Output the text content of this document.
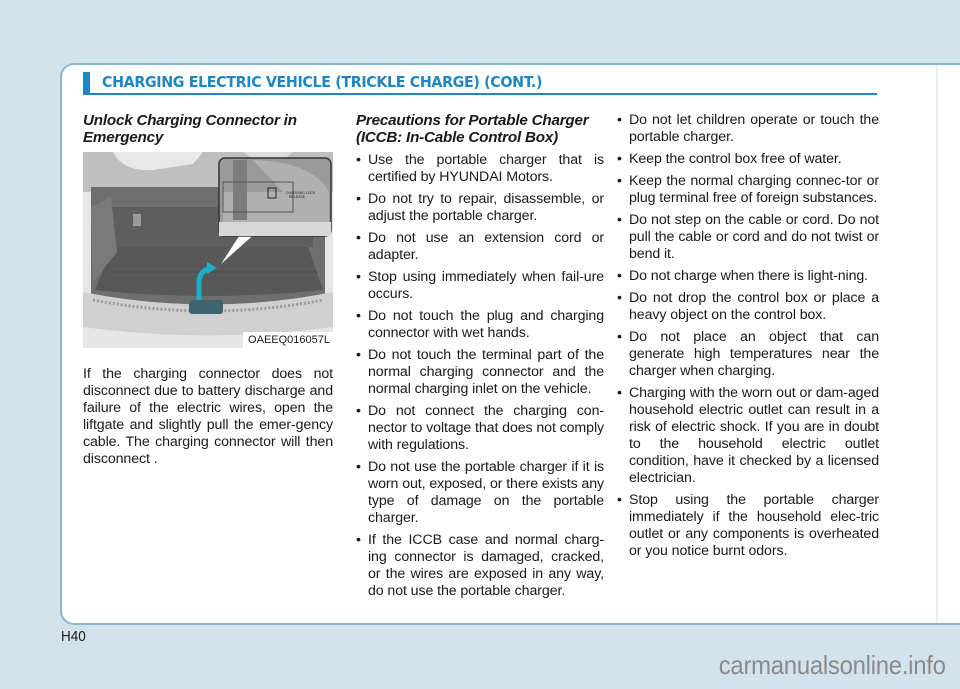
CHARGING ELECTRIC VEHICLE (TRICKLE CHARGE) (CONT.)
Unlock Charging Connector in Emergency
CHARGING LOCK
RELEASE
OAEEQ016057L
If the charging connector does not disconnect due to battery discharge and failure of the electric wires, open the liftgate and slightly pull the emer-gency cable. The charging connector will then disconnect .
Precautions for Portable Charger (ICCB: In-Cable Control Box)
• Use the portable charger that is certified by HYUNDAI Motors.
• Do not try to repair, disassemble, or adjust the portable charger.
• Do not use an extension cord or adapter.
• Stop using immediately when fail-ure occurs.
• Do not touch the plug and charging connector with wet hands.
• Do not touch the terminal part of the normal charging connector and the normal charging inlet on the vehicle.
• Do not connect the charging con-nector to voltage that does not comply with regulations.
• Do not use the portable charger if it is worn out, exposed, or there exists any type of damage on the portable charger.
• If the ICCB case and normal charg-ing connector is damaged, cracked, or the wires are exposed in any way, do not use the portable charger.
• Do not let children operate or touch the portable charger.
• Keep the control box free of water.
• Keep the normal charging connec-tor or plug terminal free of foreign substances.
• Do not step on the cable or cord. Do not pull the cable or cord and do not twist or bend it.
• Do not charge when there is light-ning.
• Do not drop the control box or place a heavy object on the control box.
• Do not place an object that can generate high temperatures near the charger when charging.
• Charging with the worn out or dam-aged household electric outlet can result in a risk of electric shock. If you are in doubt to the household electric outlet condition, have it checked by a licensed electrician.
• Stop using the portable charger immediately if the household elec-tric outlet or any components is overheated or you notice burnt odors.
H40
carmanualsonline.info
